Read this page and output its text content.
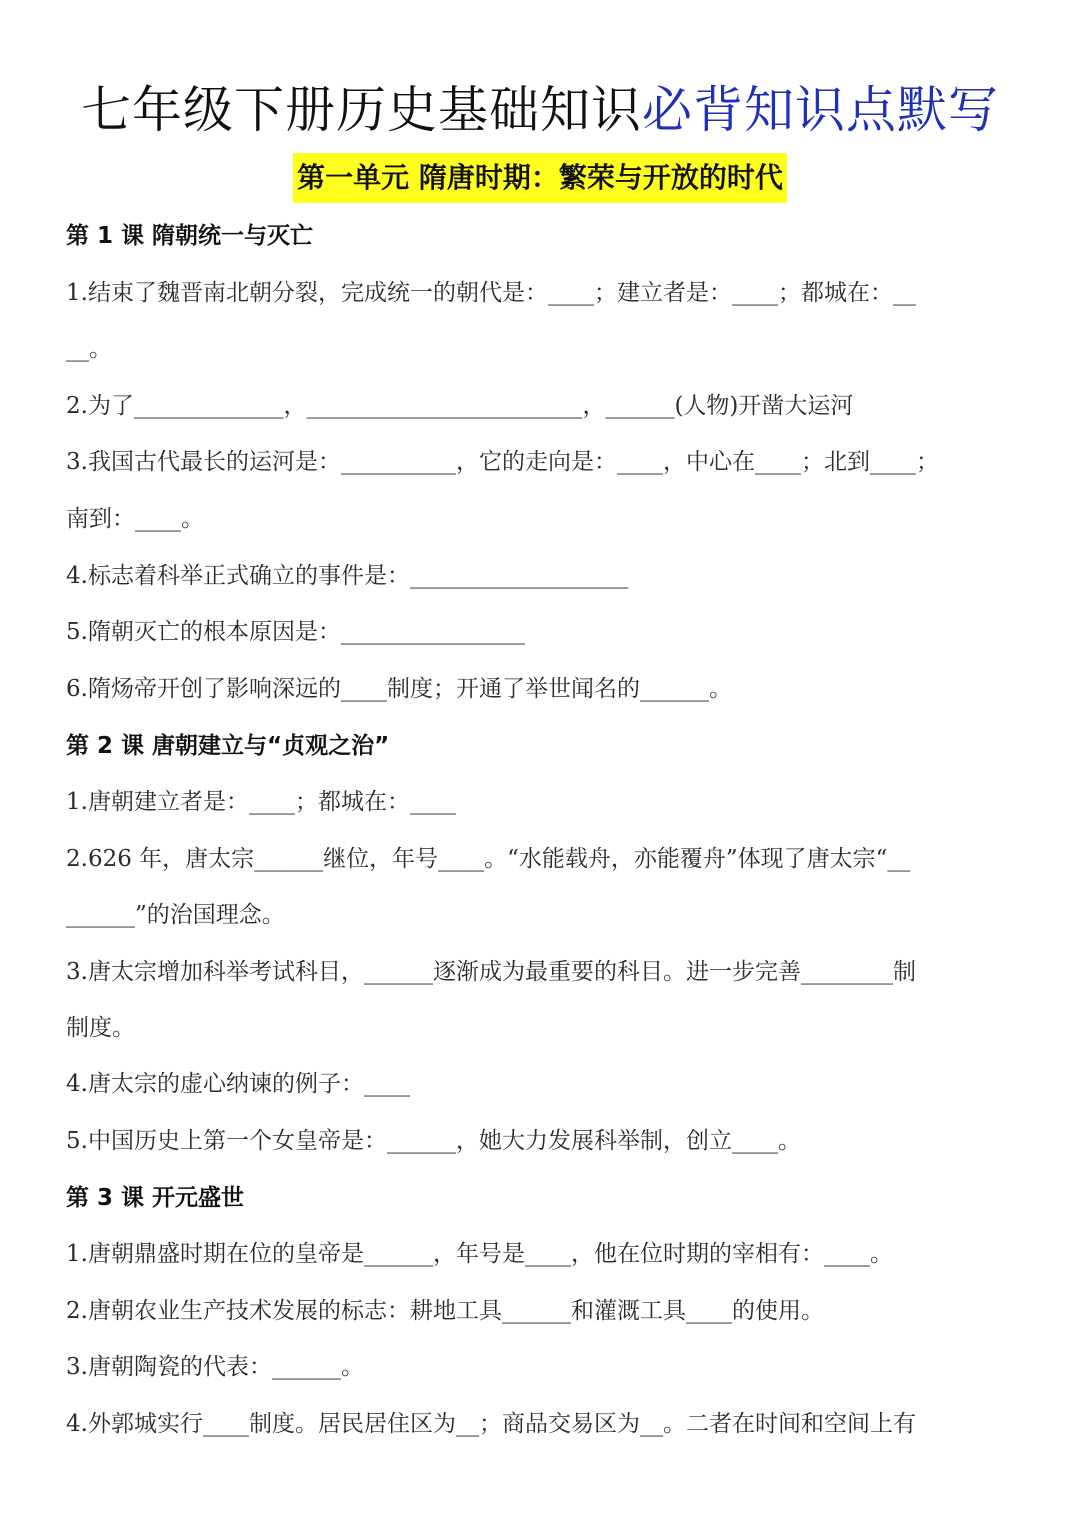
七年级下册历史基础知识必背知识点默写
第一单元 隋唐时期：繁荣与开放的时代
第 1 课 隋朝统一与灭亡
1.结束了魏晋南北朝分裂，完成统一的朝代是：____；建立者是：____；都城在：__
__。
2.为了_____________，________________________，______(人物)开凿大运河
3.我国古代最长的运河是：__________，它的走向是：____，中心在____；北到____；
南到：____。
4.标志着科举正式确立的事件是：___________________
5.隋朝灭亡的根本原因是：________________
6.隋炀帝开创了影响深远的____制度；开通了举世闻名的______。
第 2 课 唐朝建立与“贞观之治”
1.唐朝建立者是：____；都城在：____
2.626 年，唐太宗______继位，年号____。“水能载舟，亦能覆舟”体现了唐太宗“__
______”的治国理念。
3.唐太宗增加科举考试科目，______逐渐成为最重要的科目。进一步完善________制
制度。
4.唐太宗的虚心纳谏的例子：____
5.中国历史上第一个女皇帝是：______，她大力发展科举制，创立____。
第 3 课 开元盛世
1.唐朝鼎盛时期在位的皇帝是______，年号是____，他在位时期的宰相有：____。
2.唐朝农业生产技术发展的标志：耕地工具______和灌溉工具____的使用。
3.唐朝陶瓷的代表：______。
4.外郭城实行____制度。居民居住区为__；商品交易区为__。二者在时间和空间上有
